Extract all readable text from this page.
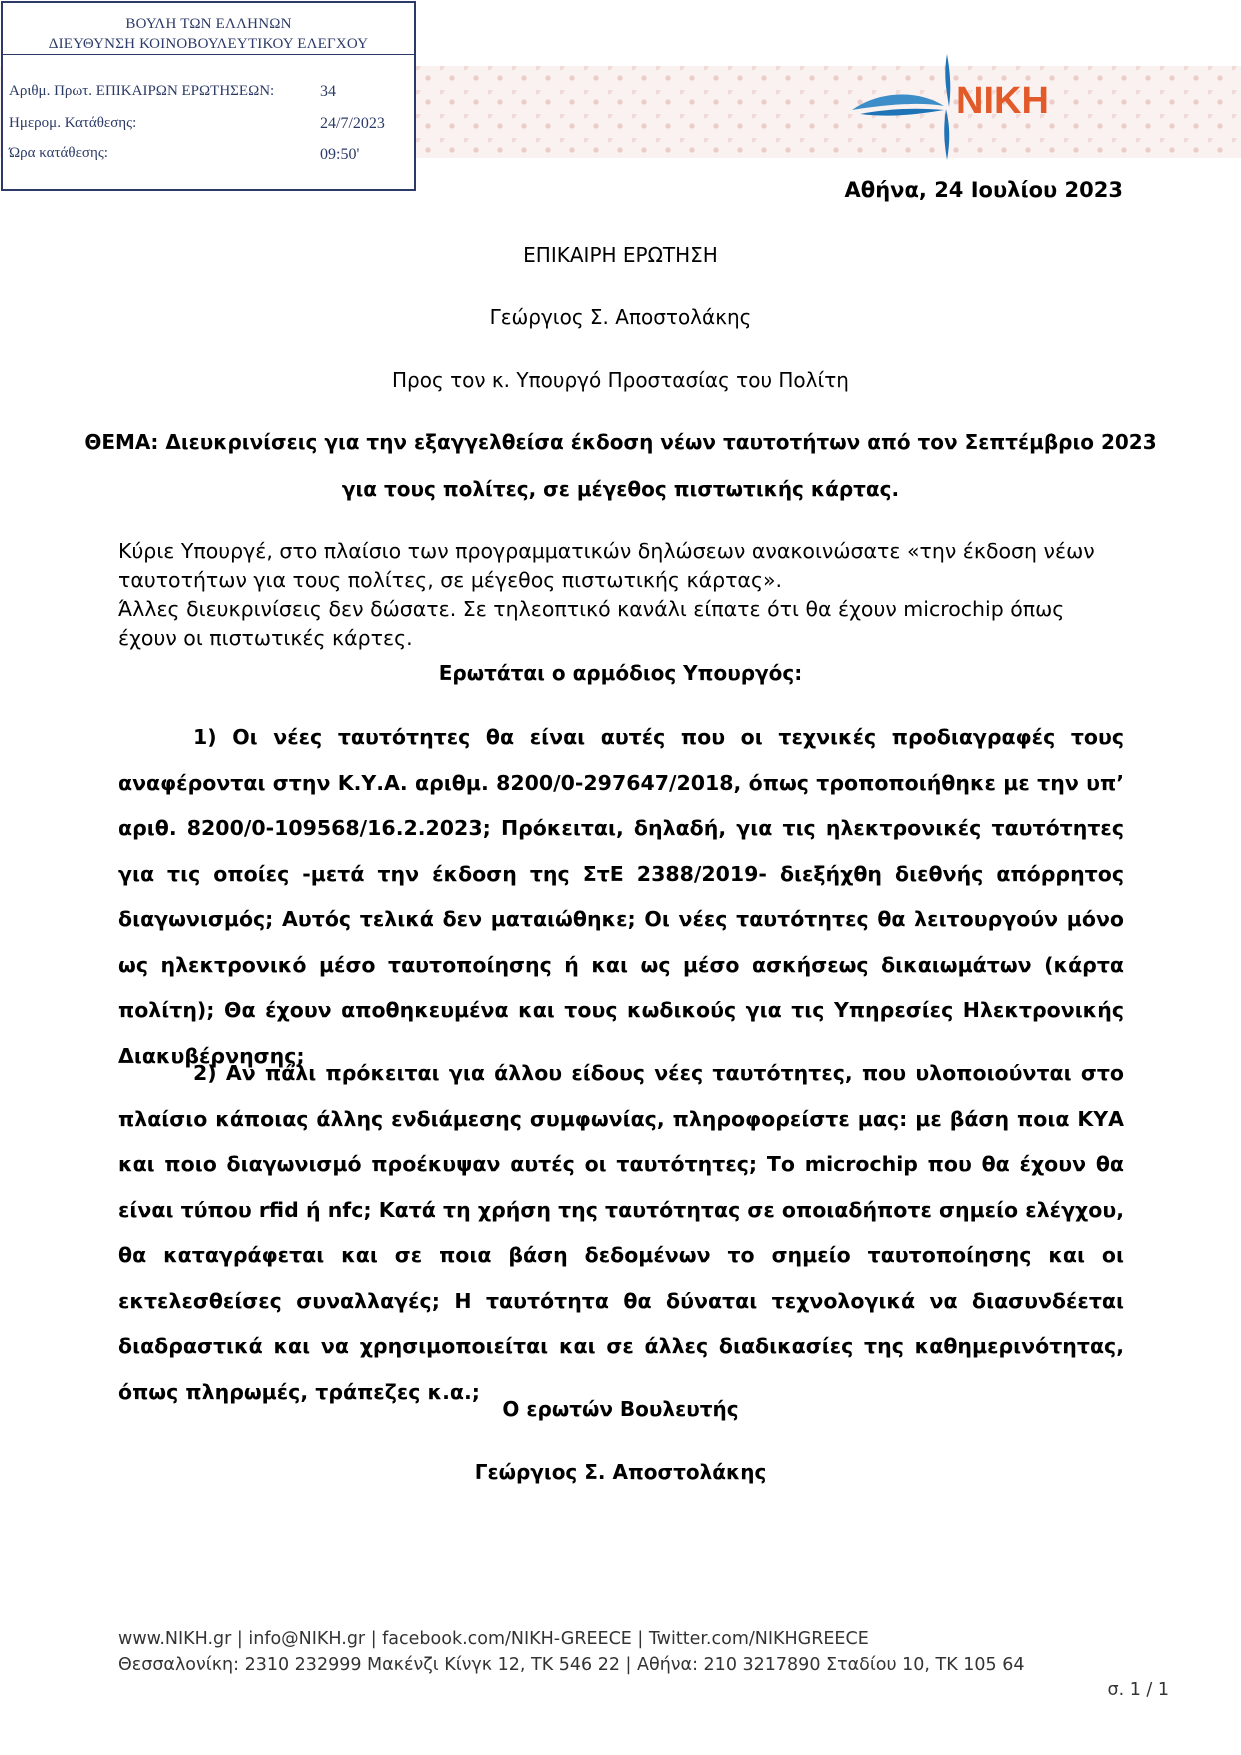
ΒΟΥΛΗ ΤΩΝ ΕΛΛΗΝΩΝ
ΔΙΕΥΘΥΝΣΗ ΚΟΙΝΟΒΟΥΛΕΥΤΙΚΟΥ ΕΛΕΓΧΟΥ
Αριθμ. Πρωτ. ΕΠΙΚΑΙΡΩΝ ΕΡΩΤΗΣΕΩΝ:	34
Ημερομ. Κατάθεσης:	24/7/2023
Ώρα κατάθεσης:	09:50'
NIKH
Αθήνα, 24 Ιουλίου 2023
ΕΠΙΚΑΙΡΗ ΕΡΩΤΗΣΗ
Γεώργιος Σ. Αποστολάκης
Προς τον κ. Υπουργό Προστασίας του Πολίτη
ΘΕΜΑ: Διευκρινίσεις για την εξαγγελθείσα έκδοση νέων ταυτοτήτων από τον Σεπτέμβριο 2023
για τους πολίτες, σε μέγεθος πιστωτικής κάρτας.
Κύριε Υπουργέ, στο πλαίσιο των προγραμματικών δηλώσεων ανακοινώσατε «την έκδοση νέων
ταυτοτήτων για τους πολίτες, σε μέγεθος πιστωτικής κάρτας».
Άλλες διευκρινίσεις δεν δώσατε. Σε τηλεοπτικό κανάλι είπατε ότι θα έχουν microchip όπως
έχουν οι πιστωτικές κάρτες.
Ερωτάται ο αρμόδιος Υπουργός:

1) Οι νέες ταυτότητες θα είναι αυτές που οι τεχνικές προδιαγραφές τους αναφέρονται στην Κ.Υ.Α. αριθμ. 8200/0-297647/2018, όπως τροποποιήθηκε με την υπ’ αριθ. 8200/0-109568/16.2.2023; Πρόκειται, δηλαδή, για τις ηλεκτρονικές ταυτότητες για τις οποίες -μετά την έκδοση της ΣτΕ 2388/2019- διεξήχθη διεθνής απόρρητος διαγωνισμός; Αυτός τελικά δεν ματαιώθηκε; Οι νέες ταυτότητες θα λειτουργούν μόνο ως ηλεκτρονικό μέσο ταυτοποίησης ή και ως μέσο ασκήσεως δικαιωμάτων (κάρτα πολίτη); Θα έχουν αποθηκευμένα και τους κωδικούς για τις Υπηρεσίες Ηλεκτρονικής Διακυβέρνησης;

2) Αν πάλι πρόκειται για άλλου είδους νέες ταυτότητες, που υλοποιούνται στο πλαίσιο κάποιας άλλης ενδιάμεσης συμφωνίας, πληροφορείστε μας: με βάση ποια ΚΥΑ και ποιο διαγωνισμό προέκυψαν αυτές οι ταυτότητες; Το microchip που θα έχουν θα είναι τύπου rfid ή nfc; Κατά τη χρήση της ταυτότητας σε οποιαδήποτε σημείο ελέγχου, θα καταγράφεται και σε ποια βάση δεδομένων το σημείο ταυτοποίησης και οι εκτελεσθείσες συναλλαγές; Η ταυτότητα θα δύναται τεχνολογικά να διασυνδέεται διαδραστικά και να χρησιμοποιείται και σε άλλες διαδικασίες της καθημερινότητας, όπως πληρωμές, τράπεζες κ.α.;

Ο ερωτών Βουλευτής
Γεώργιος Σ. Αποστολάκης
www.NIKH.gr | info@NIKH.gr | facebook.com/NIKH-GREECE | Twitter.com/NIKHGREECE
Θεσσαλονίκη: 2310 232999 Μακένζι Κίνγκ 12, ΤΚ 546 22 | Αθήνα: 210 3217890 Σταδίου 10, ΤΚ 105 64
σ. 1 / 1
